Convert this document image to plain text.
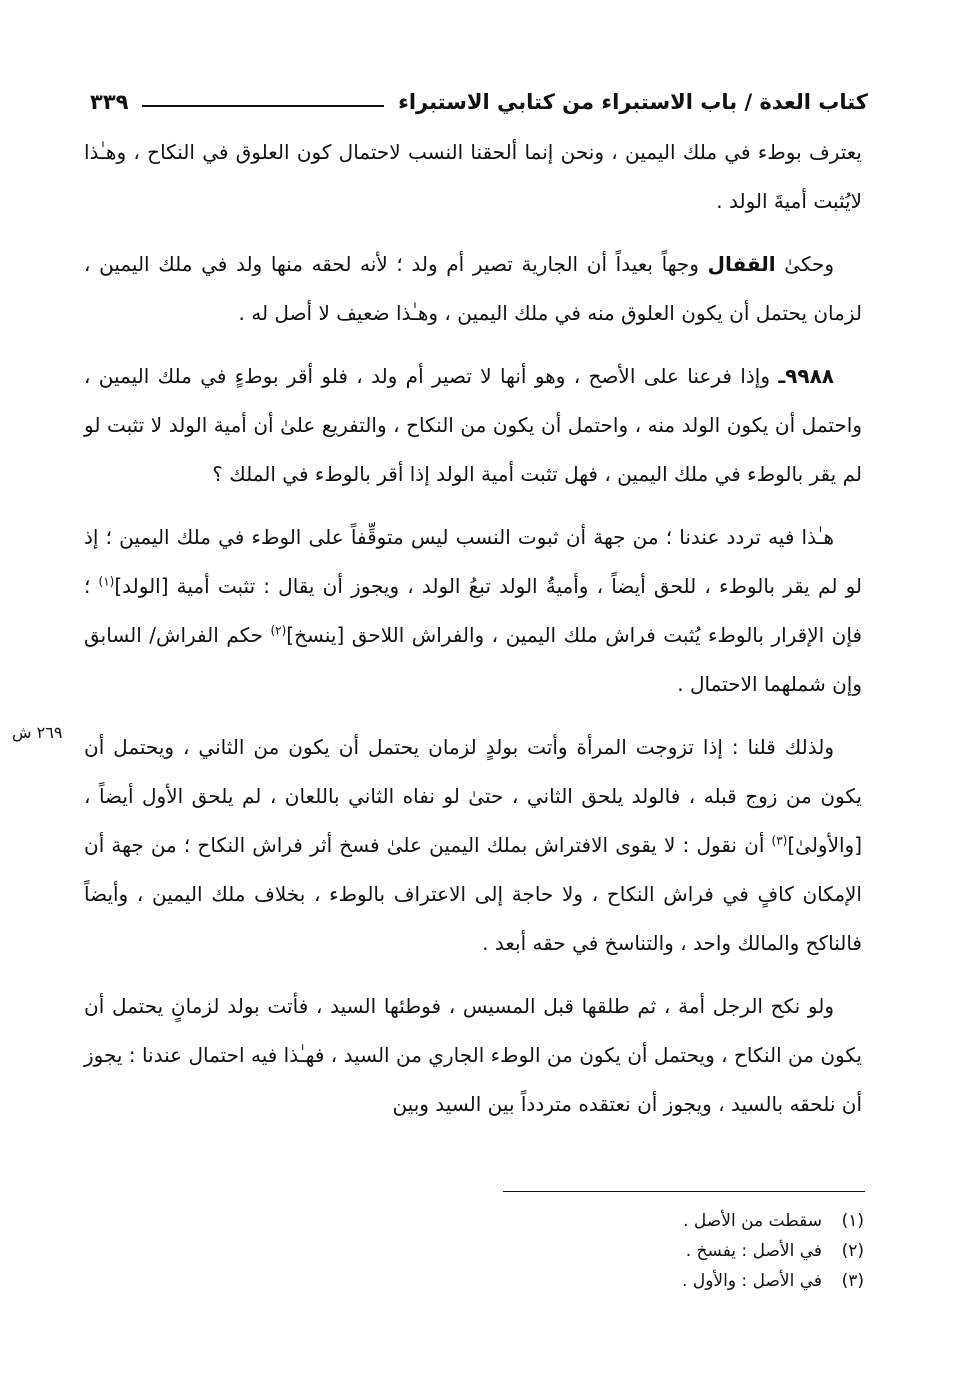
كتاب العدة / باب الاستبراء من كتابي الاستبراء
٣٣٩
٢٦٩ ش

يعترف بوطء في ملك اليمين ، ونحن إنما ألحقنا النسب لاحتمال كون العلوق في النكاح ، وهـٰذا لايُثبت أميةَ الولد .

وحكىٰ القفال وجهاً بعيداً أن الجارية تصير أم ولد ؛ لأنه لحقه منها ولد في ملك اليمين ، لزمان يحتمل أن يكون العلوق منه في ملك اليمين ، وهـٰذا ضعيف لا أصل له .

٩٩٨٨ـ وإذا فرعنا على الأصح ، وهو أنها لا تصير أم ولد ، فلو أقر بوطءٍ في ملك اليمين ، واحتمل أن يكون الولد منه ، واحتمل أن يكون من النكاح ، والتفريع علىٰ أن أمية الولد لا تثبت لو لم يقر بالوطء في ملك اليمين ، فهل تثبت أمية الولد إذا أقر بالوطء في الملك ؟

هـٰذا فيه تردد عندنا ؛ من جهة أن ثبوت النسب ليس متوقِّفاً على الوطء في ملك اليمين ؛ إذ لو لم يقر بالوطء ، للحق أيضاً ، وأميةُ الولد تبعُ الولد ، ويجوز أن يقال : تثبت أمية [الولد]$^{(١)}$ ؛ فإن الإقرار بالوطء يُثبت فراش ملك اليمين ، والفراش اللاحق [ينسخ]$^{(٢)}$ حكم الفراش/ السابق وإن شملهما الاحتمال .

ولذلك قلنا : إذا تزوجت المرأة وأتت بولدٍ لزمان يحتمل أن يكون من الثاني ، ويحتمل أن يكون من زوج قبله ، فالولد يلحق الثاني ، حتىٰ لو نفاه الثاني باللعان ، لم يلحق الأول أيضاً ، [والأولىٰ]$^{(٣)}$ أن نقول : لا يقوى الافتراش بملك اليمين علىٰ فسخ أثر فراش النكاح ؛ من جهة أن الإمكان كافٍ في فراش النكاح ، ولا حاجة إلى الاعتراف بالوطء ، بخلاف ملك اليمين ، وأيضاً فالناكح والمالك واحد ، والتناسخ في حقه أبعد .

ولو نكح الرجل أمة ، ثم طلقها قبل المسيس ، فوطئها السيد ، فأتت بولد لزمانٍ يحتمل أن يكون من النكاح ، ويحتمل أن يكون من الوطء الجاري من السيد ، فهـٰذا فيه احتمال عندنا : يجوز أن نلحقه بالسيد ، ويجوز أن نعتقده متردداً بين السيد وبين

(١)
سقطت من الأصل .
(٢)
في الأصل : يفسخ .
(٣)
في الأصل : والأول .
